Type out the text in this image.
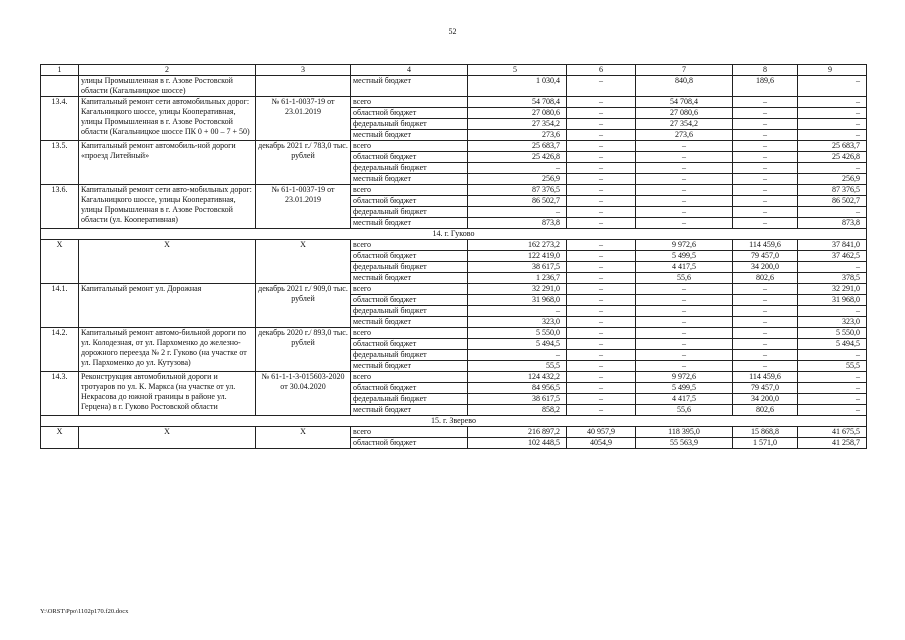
52
1	2	3	4	5	6	7	8	9
	улицы Промышленная в г. Азове Ростовской области (Кагальницкое шоссе)		местный бюджет	1 030,4	–	840,8	189,6	–
13.4.	Капитальный ремонт сети автомобильных дорог: Кагальницкого шоссе, улицы Кооперативная, улицы Промышленная в г. Азове Ростовской области (Кагальницкое шоссе ПК 0 + 00 – 7 + 50)	№ 61-1-0037-19 от 23.01.2019	всего	54 708,4	–	54 708,4	–	–
			областной бюджет	27 080,6	–	27 080,6	–	–
			федеральный бюджет	27 354,2	–	27 354,2	–	–
			местный бюджет	273,6	–	273,6	–	–
13.5.	Капитальный ремонт автомобиль-ной дороги «проезд Литейный»	декабрь 2021 г./ 783,0 тыс. рублей	всего	25 683,7	–	–	–	25 683,7
			областной бюджет	25 426,8	–	–	–	25 426,8
			федеральный бюджет	–	–	–	–	–
			местный бюджет	256,9	–	–	–	256,9
13.6.	Капитальный ремонт сети авто-мобильных дорог: Кагальницкого шоссе, улицы Кооперативная, улицы Промышленная в г. Азове Ростовской области (ул. Кооперативная)	№ 61-1-0037-19 от 23.01.2019	всего	87 376,5	–	–	–	87 376,5
			областной бюджет	86 502,7	–	–	–	86 502,7
			федеральный бюджет	–	–	–	–	–
			местный бюджет	873,8	–	–	–	873,8
14. г. Гуково								
Х	Х	Х	всего	162 273,2	–	9 972,6	114 459,6	37 841,0
			областной бюджет	122 419,0	–	5 499,5	79 457,0	37 462,5
			федеральный бюджет	38 617,5	–	4 417,5	34 200,0	–
			местный бюджет	1 236,7	–	55,6	802,6	378,5
14.1.	Капитальный ремонт ул. Дорожная	декабрь 2021 г./ 909,0 тыс. рублей	всего	32 291,0	–	–	–	32 291,0
			областной бюджет	31 968,0	–	–	–	31 968,0
			федеральный бюджет	–	–	–	–	–
			местный бюджет	323,0	–	–	–	323,0
14.2.	Капитальный ремонт автомо-бильной дороги по ул. Колодезная, от ул. Пархоменко до железно-дорожного переезда № 2 г. Гуково (на участке от ул. Пархоменко до ул. Кутузова)	декабрь 2020 г./ 893,0 тыс. рублей	всего	5 550,0	–	–	–	5 550,0
			областной бюджет	5 494,5	–	–	–	5 494,5
			федеральный бюджет	–	–	–	–	–
			местный бюджет	55,5	–	–	–	55,5
14.3.	Реконструкция автомобильной дороги и тротуаров по ул. К. Маркса (на участке от ул. Некрасова до южной границы в районе ул. Герцена) в г. Гуково Ростовской области	№ 61-1-1-3-015603-2020 от 30.04.2020	всего	124 432,2	–	9 972,6	114 459,6	–
			областной бюджет	84 956,5	–	5 499,5	79 457,0	–
			федеральный бюджет	38 617,5	–	4 417,5	34 200,0	–
			местный бюджет	858,2	–	55,6	802,6	–
15. г. Зверево								
Х	Х	Х	всего	216 897,2	40 957,9	118 395,0	15 868,8	41 675,5
			областной бюджет	102 448,5	4054,9	55 563,9	1 571,0	41 258,7
Y:\ORST\Ppo\1102p170.f20.docx
